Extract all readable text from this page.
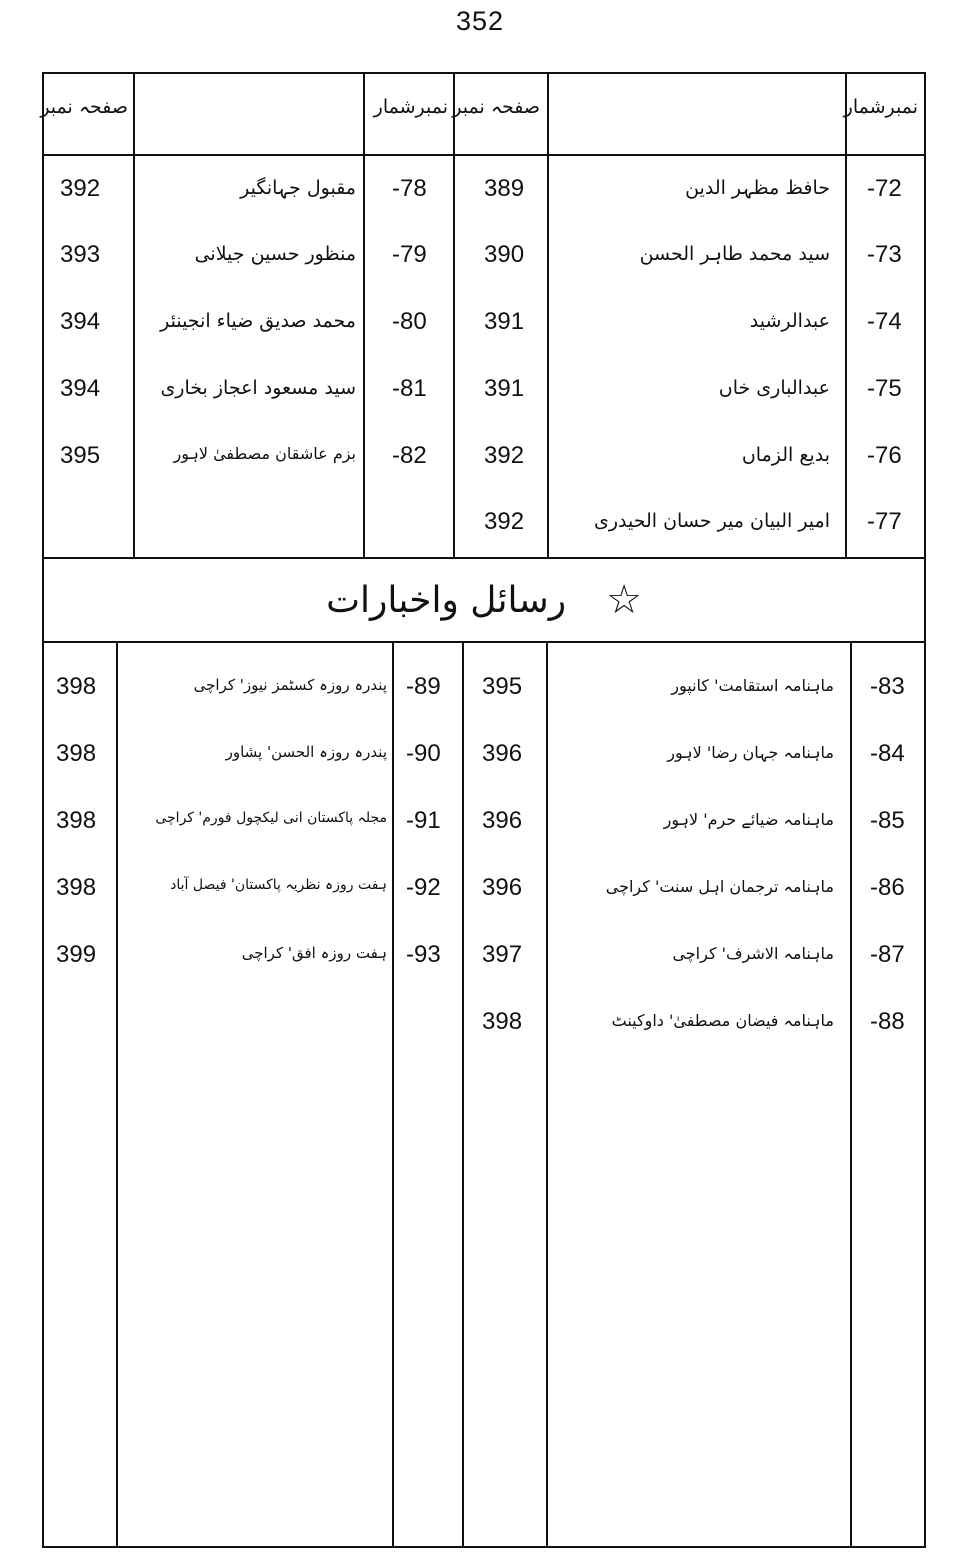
352
نمبرشمار
صفحہ نمبر
نمبرشمار
صفحہ نمبر
-72
حافظ مظہر الدین
389
-73
سید محمد طاہر الحسن
390
-74
عبدالرشید
391
-75
عبدالباری خاں
391
-76
بدیع الزماں
392
-77
امیر البیان میر حسان الحیدری
392
-78
مقبول جہانگیر
392
-79
منظور حسین جیلانی
393
-80
محمد صدیق ضیاء انجینئر
394
-81
سید مسعود اعجاز بخاری
394
-82
بزم عاشقان مصطفیٰ لاہور
395
☆
رسائل واخبارات
-83
ماہنامہ استقامت' کانپور
395
-84
ماہنامہ جہان رضا' لاہور
396
-85
ماہنامہ ضیائے حرم' لاہور
396
-86
ماہنامہ ترجمان اہل سنت' کراچی
396
-87
ماہنامہ الاشرف' کراچی
397
-88
ماہنامہ فیضان مصطفیٰ' داوکینٹ
398
-89
پندرہ روزہ کسٹمز نیوز' کراچی
398
-90
پندرہ روزہ الحسن' پشاور
398
-91
مجلہ پاکستان انی لیکچول فورم' کراچی
398
-92
ہفت روزہ نظریہ پاکستان' فیصل آباد
398
-93
ہفت روزہ افق' کراچی
399
